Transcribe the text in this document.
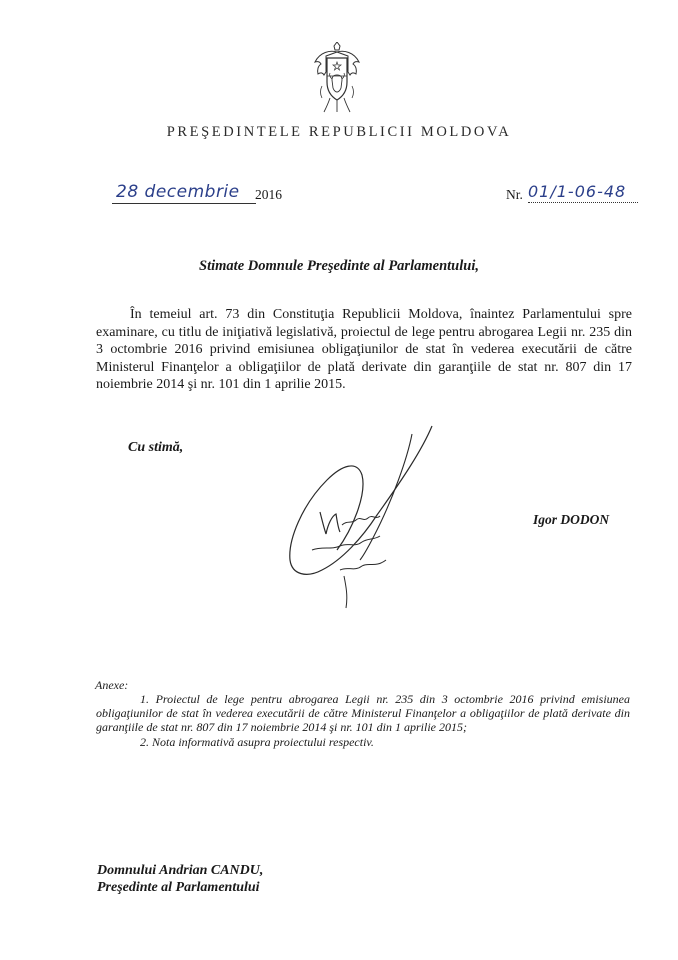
PREŞEDINTELE REPUBLICII MOLDOVA
28 decembrie	2016	Nr. 01/1-06-48
Stimate Domnule Preşedinte al Parlamentului,
În temeiul art. 73 din Constituţia Republicii Moldova, înaintez Parlamentului spre examinare, cu titlu de iniţiativă legislativă, proiectul de lege pentru abrogarea Legii nr. 235 din 3 octombrie 2016 privind emisiunea obligaţiunilor de stat în vederea executării de către Ministerul Finanţelor a obligaţiilor de plată derivate din garanţiile de stat nr. 807 din 17 noiembrie 2014 şi nr. 101 din 1 aprilie 2015.
Cu stimă,
Igor DODON
Anexe:

1. Proiectul de lege pentru abrogarea Legii nr. 235 din 3 octombrie 2016 privind emisiunea obligaţiunilor de stat în vederea executării de către Ministerul Finanţelor a obligaţiilor de plată derivate din garanţiile de stat nr. 807 din 17 noiembrie 2014 şi nr. 101 din 1 aprilie 2015;

2. Nota informativă asupra proiectului respectiv.

Domnului Andrian CANDU,
Preşedinte al Parlamentului
